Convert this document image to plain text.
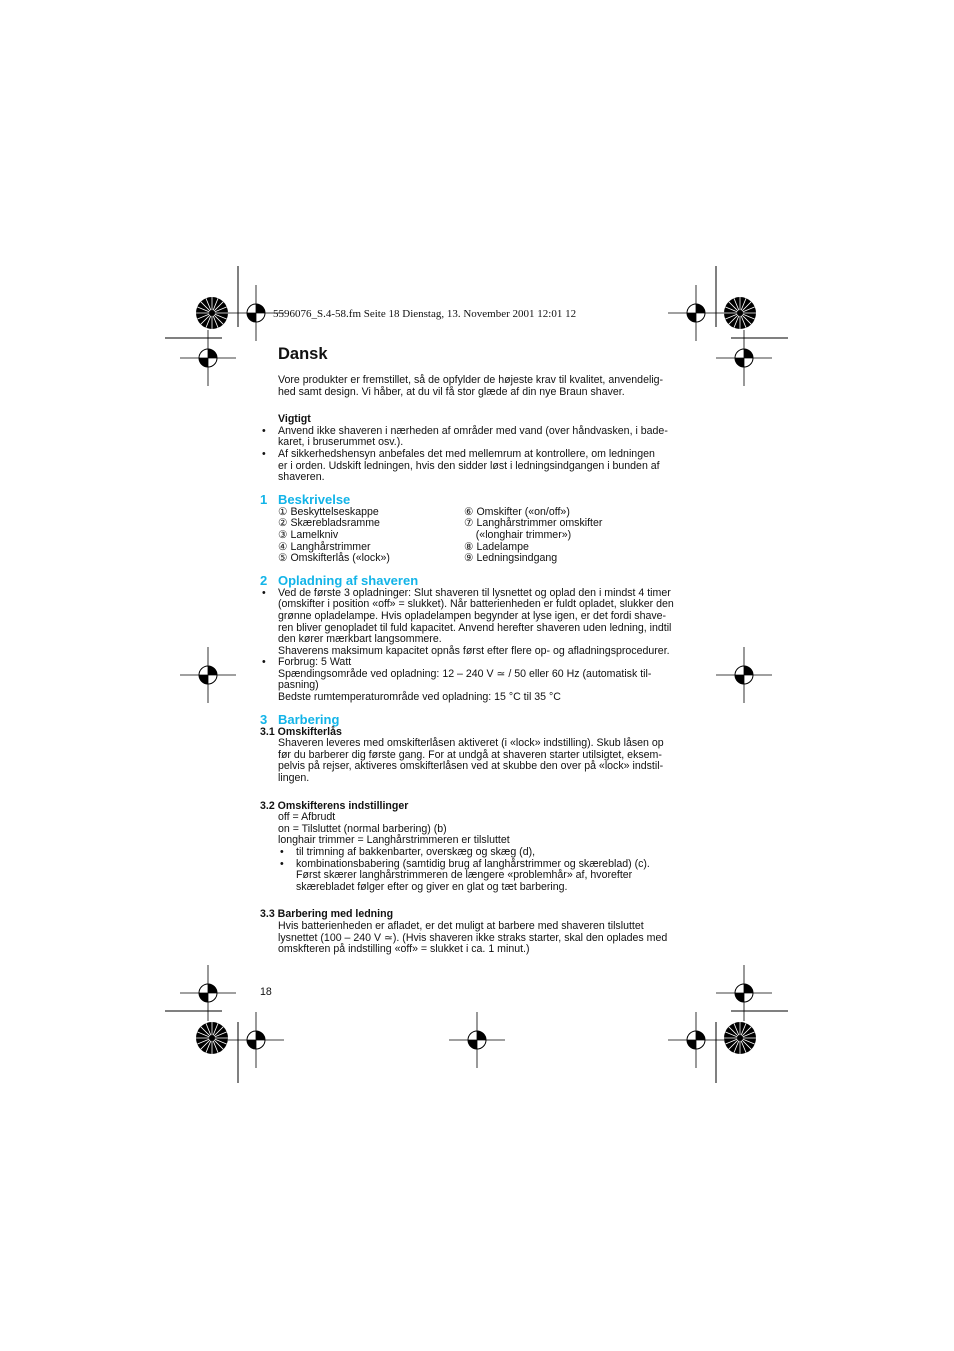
5596076_S.4-58.fm Seite 18 Dienstag, 13. November 2001 12:01 12
Dansk
Vore produkter er fremstillet, så de opfylder de højeste krav til kvalitet, anvendelig-
hed samt design. Vi håber, at du vil få stor glæde af din nye Braun shaver.
Vigtigt
• Anvend ikke shaveren i nærheden af områder med vand (over håndvasken, i bade-
karet, i bruserummet osv.).
• Af sikkerhedshensyn anbefales det med mellemrum at kontrollere, om ledningen
er i orden. Udskift ledningen, hvis den sidder løst i ledningsindgangen i bunden af
shaveren.
1 Beskrivelse
① Beskyttelseskappe
② Skærebladsramme
③ Lamelkniv
④ Langhårstrimmer
⑤ Omskifterlås («lock»)
⑥ Omskifter («on/off»)
⑦ Langhårstrimmer omskifter
(«longhair trimmer»)
⑧ Ladelampe
⑨ Ledningsindgang
2 Opladning af shaveren
• Ved de første 3 opladninger: Slut shaveren til lysnettet og oplad den i mindst 4 timer
(omskifter i position «off» = slukket). Når batterienheden er fuldt opladet, slukker den
grønne opladelampe. Hvis opladelampen begynder at lyse igen, er det fordi shave-
ren bliver genopladet til fuld kapacitet. Anvend herefter shaveren uden ledning, indtil
den kører mærkbart langsommere.
Shaverens maksimum kapacitet opnås først efter flere op- og afladningsprocedurer.
• Forbrug: 5 Watt
Spændingsområde ved opladning: 12 – 240 V ≃ / 50 eller 60 Hz (automatisk til-
pasning)
Bedste rumtemperaturområde ved opladning: 15 °C til 35 °C
3 Barbering
3.1 Omskifterlås
Shaveren leveres med omskifterlåsen aktiveret (i «lock» indstilling). Skub låsen op
før du barberer dig første gang. For at undgå at shaveren starter utilsigtet, eksem-
pelvis på rejser, aktiveres omskifterlåsen ved at skubbe den over på «lock» indstil-
lingen.
3.2 Omskifterens indstillinger
off = Afbrudt
on = Tilsluttet (normal barbering) (b)
longhair trimmer = Langhårstrimmeren er tilsluttet
• til trimning af bakkenbarter, overskæg og skæg (d),
• kombinationsbabering (samtidig brug af langhårstrimmer og skæreblad) (c).
Først skærer langhårstrimmeren de længere «problemhår» af, hvorefter
skærebladet følger efter og giver en glat og tæt barbering.
3.3 Barbering med ledning
Hvis batterienheden er afladet, er det muligt at barbere med shaveren tilsluttet
lysnettet (100 – 240 V ≃). (Hvis shaveren ikke straks starter, skal den oplades med
omskfteren på indstilling «off» = slukket i ca. 1 minut.)
18
